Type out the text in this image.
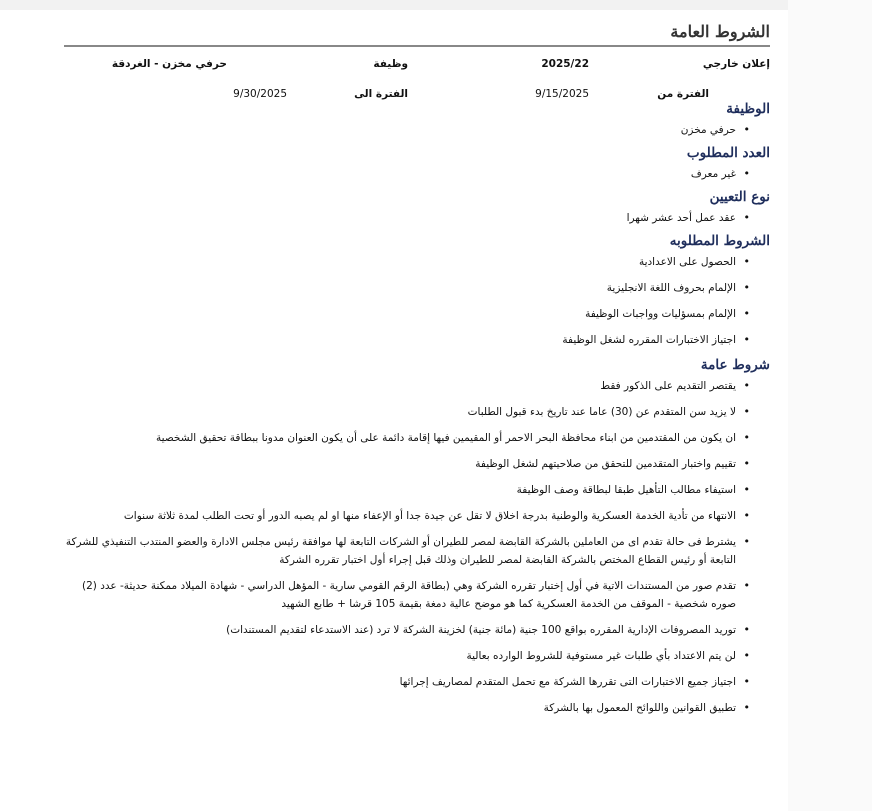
الشروط العامة
إعلان خارجي
2025/22
وظيفة
حرفي مخزن - الغردقة
الفترة من
9/15/2025
الفترة الى
9/30/2025
الوظيفة
• حرفي مخزن
العدد المطلوب
• غير معرف
نوع التعيين
• عقد عمل أحد عشر شهرا
الشروط المطلوبه
• الحصول على الاعدادية
• الإلمام بحروف اللغة الانجليزية
• الإلمام بمسؤليات وواجبات الوظيفة
• اجتياز الاختبارات المقرره لشغل الوظيفة
شروط عامة
• يقتصر التقديم على الذكور فقط
• لا يزيد سن المتقدم عن (30) عاما عند تاريخ بدء قبول الطلبات
• ان يكون من المقتدمين من ابناء محافظة البحر الاحمر أو المقيمين فيها إقامة دائمة على أن يكون العنوان مدونا ببطاقة تحقيق الشخصية
• تقييم واختبار المتقدمين للتحقق من صلاحيتهم لشغل الوظيفة
• استيفاء مطالب التأهيل طبقا لبطاقة وصف الوظيفة
• الانتهاء من تأدية الخدمة العسكرية والوطنية بدرجة اخلاق لا تقل عن جيدة جدا أو الإعفاء منها او لم يصبه الدور أو تحت الطلب لمدة ثلاثة سنوات
• يشترط فى حالة تقدم اى من العاملين بالشركة القابضة لمصر للطيران أو الشركات التابعة لها موافقة رئيس مجلس الادارة والعضو المنتدب التنفيذي للشركة التابعة أو رئيس القطاع المختص بالشركة القابضة لمصر للطيران وذلك قبل إجراء أول اختبار تقرره الشركة
• تقدم صور من المستندات الاتية في أول إختبار تقرره الشركة وهي (بطاقة الرقم القومي سارية - المؤهل الدراسي - شهادة الميلاد ممكنة حديثة- عدد (2) صوره شخصية - الموقف من الخدمة العسكرية كما هو موضح عالية دمغة بقيمة 105 قرشا + طابع الشهيد
• توريد المصروفات الإدارية المقرره بواقع 100 جنية (مائة جنية) لخزينة الشركة لا ترد (عند الاستدعاء لتقديم المستندات)
• لن يتم الاعتداد بأي طلبات غير مستوفية للشروط الوارده بعالية
• اجتياز جميع الاختبارات التى تقررها الشركة مع تحمل المتقدم لمصاريف إجرائها
• تطبيق القوانين واللوائح المعمول بها بالشركة
